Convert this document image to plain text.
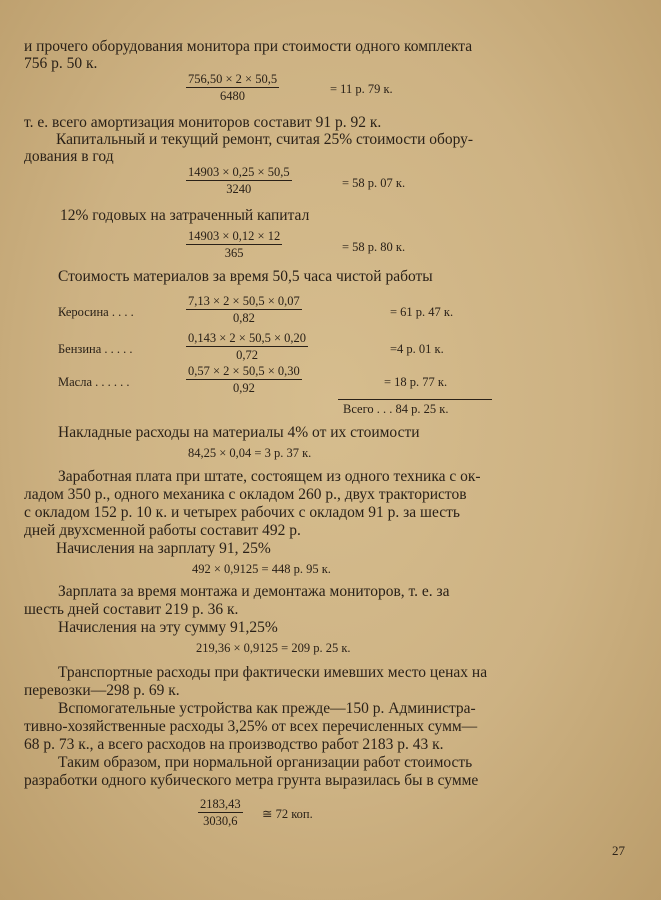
и прочего оборудования монитора при стоимости одного комплекта
756 р. 50 к.
$\frac{756,50 \times 2 \times 50,5}{6480}$	= 11 р. 79 к.
т. е. всего амортизация мониторов составит 91 р. 92 к.
Капитальный и текущий ремонт, считая 25% стоимости обору-
дования в год
$\frac{14903 \times 0,25 \times 50,5}{3240}$	= 58 р. 07 к.
12% годовых на затраченный капитал
$\frac{14903 \times 0,12 \times 12}{365}$	= 58 р. 80 к.
Стоимость материалов за время 50,5 часа чистой работы
Керосина . . . .	$\frac{7,13 \times 2 \times 50,5 \times 0,07}{0,82}$	= 61 р. 47 к.
Бензина . . . . .	$\frac{0,143 \times 2 \times 50,5 \times 0,20}{0,72}$	=4 р. 01 к.
Масла . . . . . .	$\frac{0,57 \times 2 \times 50,5 \times 0,30}{0,92}$	= 18 р. 77 к.
Всего . . . 84 р. 25 к.
Накладные расходы на материалы 4% от их стоимости
84,25 × 0,04 = 3 р. 37 к.
Заработная плата при штате, состоящем из одного техника с ок-
ладом 350 р., одного механика с окладом 260 р., двух трактористов
с окладом 152 р. 10 к. и четырех рабочих с окладом 91 р. за шесть
дней двухсменной работы составит 492 р.
Начисления на зарплату 91, 25%
492 × 0,9125 = 448 р. 95 к.
Зарплата за время монтажа и демонтажа мониторов, т. е. за
шесть дней составит 219 р. 36 к.
Начисления на эту сумму 91,25%
219,36 × 0,9125 = 209 р. 25 к.
Транспортные расходы при фактически имевших место ценах на
перевозки—298 р. 69 к.
Вспомогательные устройства как прежде—150 р. Администра-
тивно-хозяйственные расходы 3,25% от всех перечисленных сумм—
68 р. 73 к., а всего расходов на производство работ 2183 р. 43 к.
Таким образом, при нормальной организации работ стоимость
разработки одного кубического метра грунта выразилась бы в сумме
$\frac{2183,43}{3030,6}$ ≅ 72 коп.
27
